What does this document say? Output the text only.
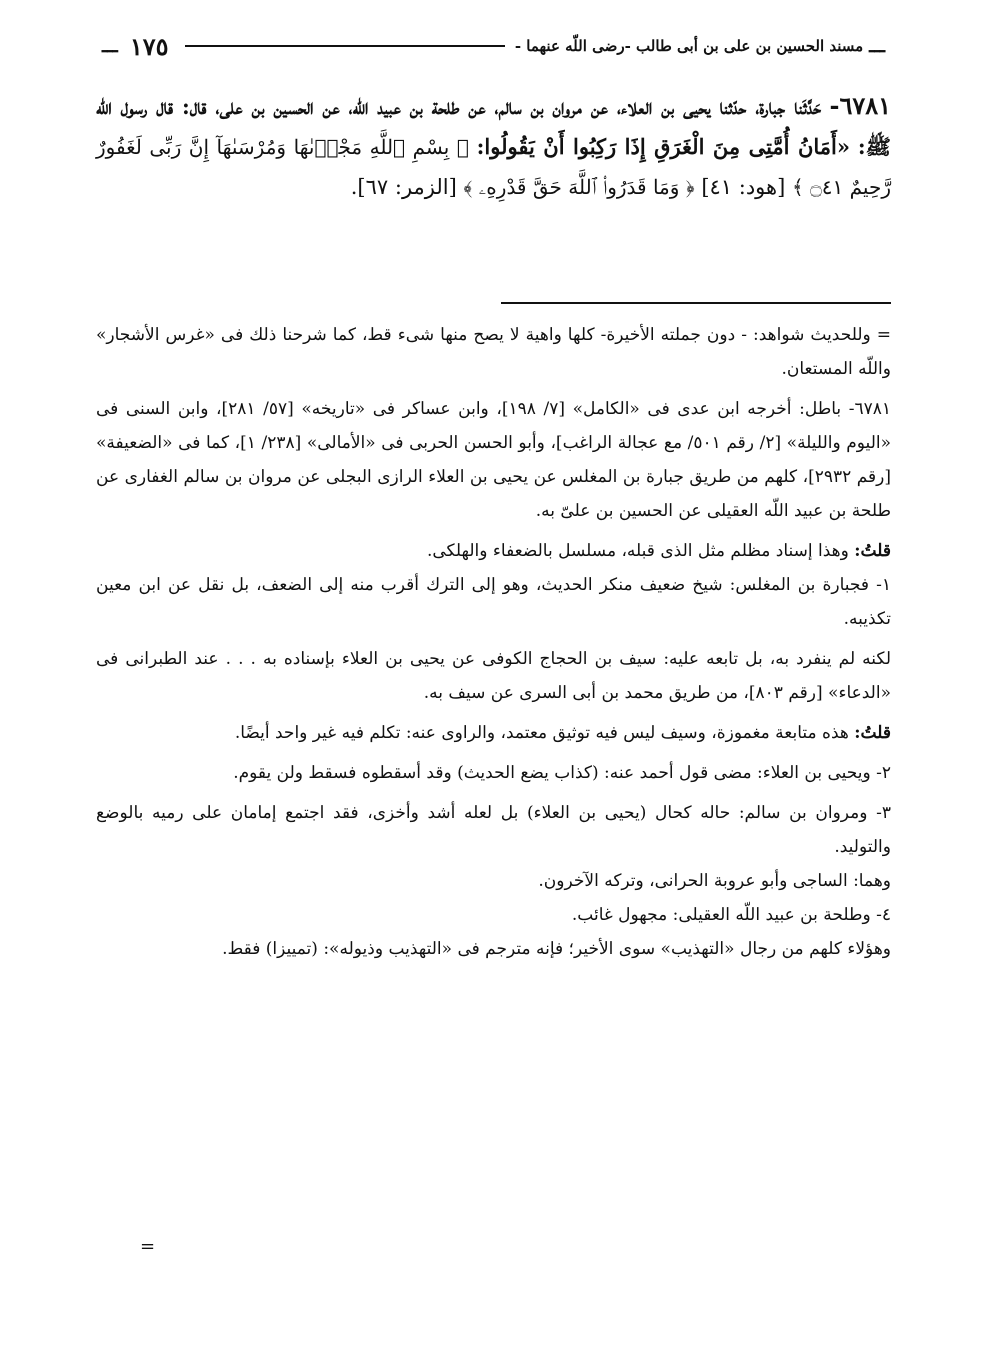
ـــ
مسند الحسين بن على بن أبى طالب -رضى اللّه عنهما -
١٧٥
ـــ
٦٧٨١- حَدَّثَنا جبارة، حدّثنا يحيى بن العلاء، عن مروان بن سالم، عن طلحة بن عبيد اللّه، عن الحسين بن على، قال: قال رسول اللّه ﷺ: «أَمَانُ أُمَّتِى مِنَ الْغَرَقِ إِذَا رَكِبُوا أَنْ يَقُولُوا: ﴿ بِسْمِ ٱللَّهِ مَجْرٜىٰهَا وَمُرْسَىٰهَآ إِنَّ رَبِّى لَغَفُورٌ رَّحِيمٌ ۝٤١ ﴾ [هود: ٤١] ﴿ وَمَا قَدَرُوا۟ ٱللَّهَ حَقَّ قَدْرِهِۦ ﴾ [الزمر: ٦٧].

= وللحديث شواهد: - دون جملته الأخيرة- كلها واهية لا يصح منها شىء قط، كما شرحنا ذلك فى «غرس الأشجار» واللّه المستعان.

٦٧٨١- باطل: أخرجه ابن عدى فى «الكامل» [٧/ ١٩٨]، وابن عساكر فى «تاريخه» [٥٧/ ٢٨١]، وابن السنى فى «اليوم والليلة» [٢/ رقم ٥٠١/ مع عجالة الراغب]، وأبو الحسن الحربى فى «الأمالى» [٢٣٨/ ١]، كما فى «الضعيفة» [رقم ٢٩٣٢]، كلهم من طريق جبارة بن المغلس عن يحيى بن العلاء الرازى البجلى عن مروان بن سالم الغفارى عن طلحة بن عبيد اللّه العقيلى عن الحسين بن علىّ به.

قلتُ: وهذا إسناد مظلم مثل الذى قبله، مسلسل بالضعفاء والهلكى.

١- فجبارة بن المغلس: شيخ ضعيف منكر الحديث، وهو إلى الترك أقرب منه إلى الضعف، بل نقل عن ابن معين تكذيبه.

لكنه لم ينفرد به، بل تابعه عليه: سيف بن الحجاج الكوفى عن يحيى بن العلاء بإسناده به . . . عند الطبرانى فى «الدعاء» [رقم ٨٠٣]، من طريق محمد بن أبى السرى عن سيف به.

قلتُ: هذه متابعة مغموزة، وسيف ليس فيه توثيق معتمد، والراوى عنه: تكلم فيه غير واحد أيضًا.

٢- ويحيى بن العلاء: مضى قول أحمد عنه: (كذاب يضع الحديث) وقد أسقطوه فسقط ولن يقوم.

٣- ومروان بن سالم: حاله كحال (يحيى بن العلاء) بل لعله أشد وأخزى، فقد اجتمع إمامان على رميه بالوضع والتوليد.

وهما: الساجى وأبو عروبة الحرانى، وتركه الآخرون.

٤- وطلحة بن عبيد اللّه العقيلى: مجهول غائب.

وهؤلاء كلهم من رجال «التهذيب» سوى الأخير؛ فإنه مترجم فى «التهذيب وذيوله»: (تمييزا) فقط.

=
